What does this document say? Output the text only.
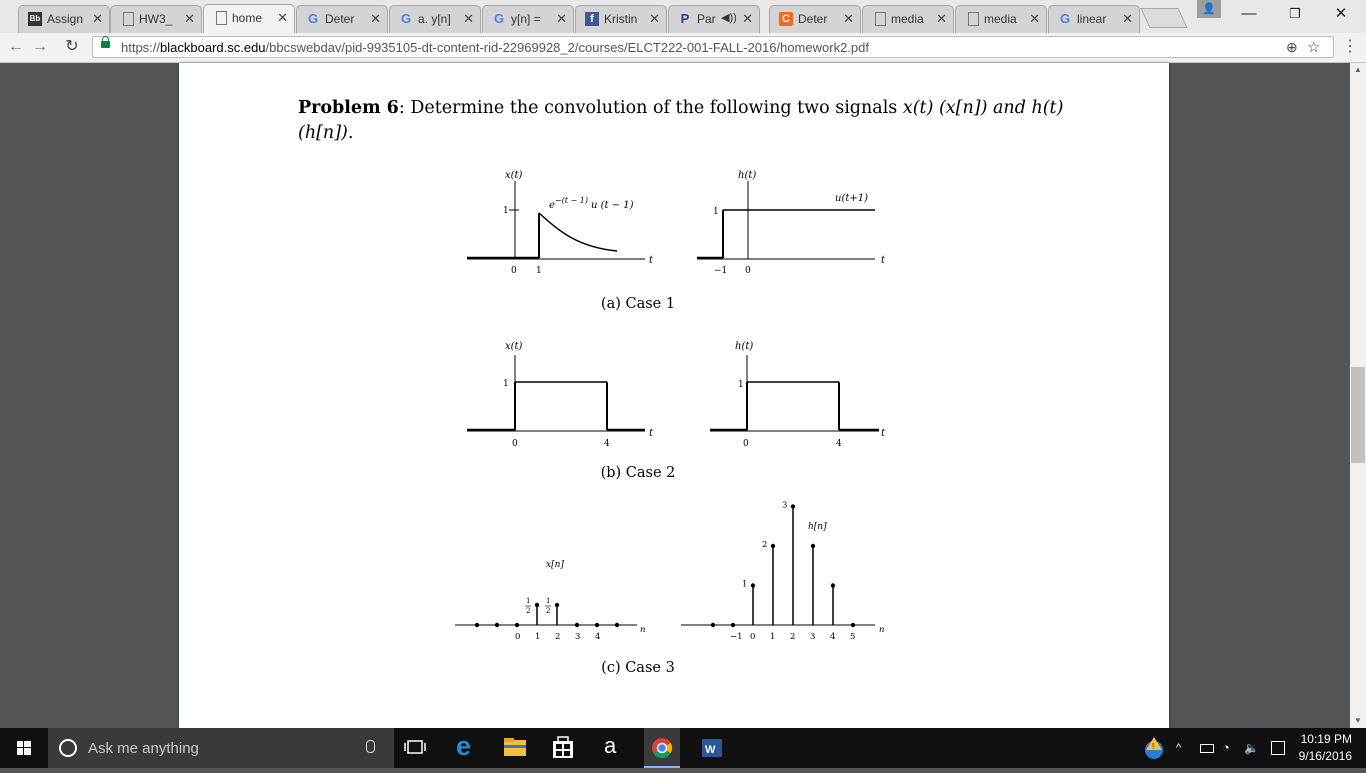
Bb Assign ✕	HW3_ ✕	home	✕ G Deter	✕ G a. y[n] ✕ G y[n] =	✕	f Kristin ✕ P Par ◀)) ✕	C Deter	✕	media ✕	media ✕ G linear	✕
👤	—	❐	✕
← → ↻	https://blackboard.sc.edu/bbcswebdav/pid-9935105-dt-content-rid-22969928_2/courses/ELCT222-001-FALL-2016/homework2.pdf	⊕ ☆ ⋮
Problem 6: Determine the convolution of the following two signals x(t) (x[n]) and h(t) (h[n]).
x(t)
1	$e^{-(t - 1)}$ u (t − 1)
t
0 1
h(t)
1
u(t+1)
t
−1 0
(a) Case 1
x(t)
1
t
0	4
h(t)
1
t
0	4
(b) Case 2
0 1 2 3 4
1
2
1
2
−1 0 1 2 3 4 5
1
2
3
x[n]
h[n]
n	n
(c) Case 3
▲
▼
Ask me anything	e	a	W	! ^	◔	🔈
10:19 PM
9/16/2016
